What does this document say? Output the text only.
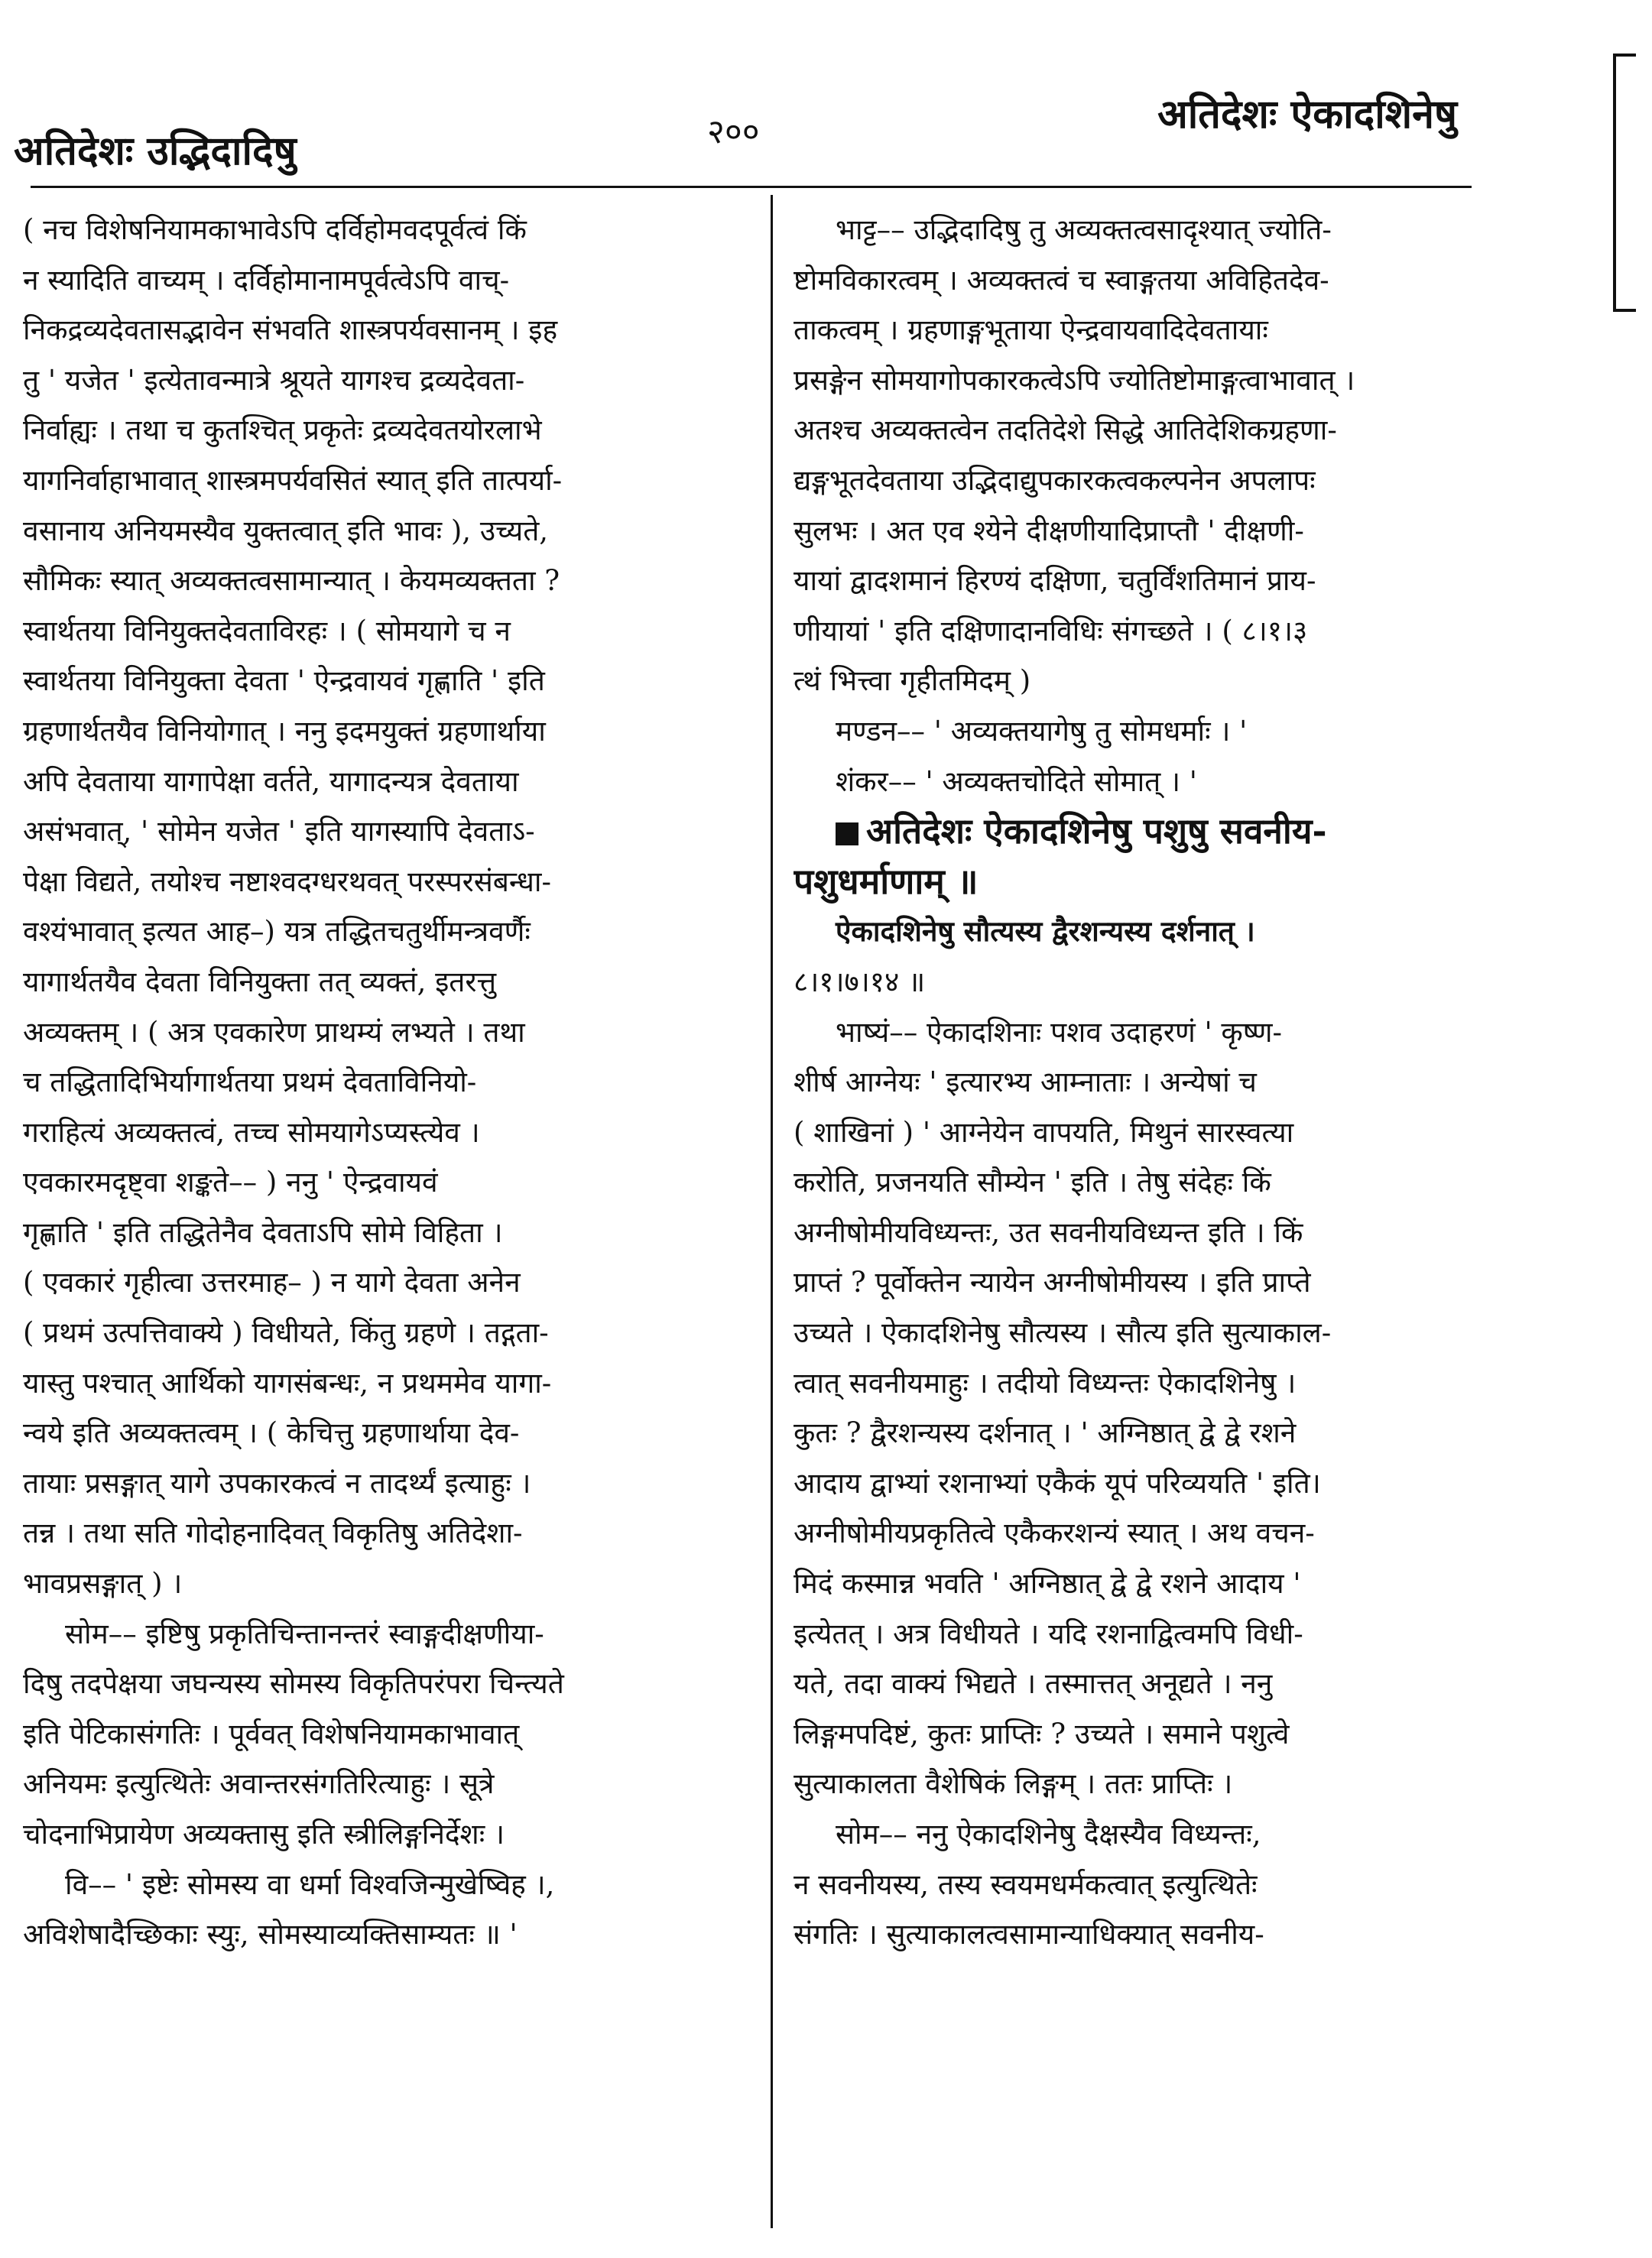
अतिदेशः उद्भिदादिषु	२००	अतिदेशः ऐकादशिनेषु
( नच विशेषनियामकाभावेऽपि दर्विहोमवदपूर्वत्वं किं
न स्यादिति वाच्यम् । दर्विहोमानामपूर्वत्वेऽपि वाच्-
निकद्रव्यदेवतासद्भावेन संभवति शास्त्रपर्यवसानम् । इह
तु ' यजेत ' इत्येतावन्मात्रे श्रूयते यागश्च द्रव्यदेवता-
निर्वाह्यः । तथा च कुतश्चित् प्रकृतेः द्रव्यदेवतयोरलाभे
यागनिर्वाहाभावात् शास्त्रमपर्यवसितं स्यात् इति तात्पर्या-
वसानाय अनियमस्यैव युक्तत्वात् इति भावः ), उच्यते,
सौमिकः स्यात् अव्यक्तत्वसामान्यात् । केयमव्यक्तता ?
स्वार्थतया विनियुक्तदेवताविरहः । ( सोमयागे च न
स्वार्थतया विनियुक्ता देवता ' ऐन्द्रवायवं गृह्णाति ' इति
ग्रहणार्थतयैव विनियोगात् । ननु इदमयुक्तं ग्रहणार्थाया
अपि देवताया यागापेक्षा वर्तते, यागादन्यत्र देवताया
असंभवात्, ' सोमेन यजेत ' इति यागस्यापि देवताऽ-
पेक्षा विद्यते, तयोश्च नष्टाश्वदग्धरथवत् परस्परसंबन्धा-
वश्यंभावात् इत्यत आह–) यत्र तद्धितचतुर्थीमन्त्रवर्णैः
यागार्थतयैव देवता विनियुक्ता तत् व्यक्तं, इतरत्तु
अव्यक्तम् । ( अत्र एवकारेण प्राथम्यं लभ्यते । तथा
च तद्धितादिभिर्यागार्थतया प्रथमं देवताविनियो-
गराहित्यं अव्यक्तत्वं, तच्च सोमयागेऽप्यस्त्येव ।
एवकारमदृष्ट्वा शङ्कते–– ) ननु ' ऐन्द्रवायवं
गृह्णाति ' इति तद्धितेनैव देवताऽपि सोमे विहिता ।
( एवकारं गृहीत्वा उत्तरमाह– ) न यागे देवता अनेन
( प्रथमं उत्पत्तिवाक्ये ) विधीयते, किंतु ग्रहणे । तद्गता-
यास्तु पश्चात् आर्थिको यागसंबन्धः, न प्रथममेव यागा-
न्वये इति अव्यक्तत्वम् । ( केचित्तु ग्रहणार्थाया देव-
तायाः प्रसङ्गात् यागे उपकारकत्वं न तादर्थ्यं इत्याहुः ।
तन्न । तथा सति गोदोहनादिवत् विकृतिषु अतिदेशा-
भावप्रसङ्गात् ) ।
सोम–– इष्टिषु प्रकृतिचिन्तानन्तरं स्वाङ्गदीक्षणीया-
दिषु तदपेक्षया जघन्यस्य सोमस्य विकृतिपरंपरा चिन्त्यते
इति पेटिकासंगतिः । पूर्ववत् विशेषनियामकाभावात्
अनियमः इत्युत्थितेः अवान्तरसंगतिरित्याहुः । सूत्रे
चोदनाभिप्रायेण अव्यक्तासु इति स्त्रीलिङ्गनिर्देशः ।
वि–– ' इष्टेः सोमस्य वा धर्मा विश्वजिन्मुखेष्विह ।,
अविशेषादैच्छिकाः स्युः, सोमस्याव्यक्तिसाम्यतः ॥ '
भाट्ट–– उद्भिदादिषु तु अव्यक्तत्वसादृश्यात् ज्योति-
ष्टोमविकारत्वम् । अव्यक्तत्वं च स्वाङ्गतया अविहितदेव-
ताकत्वम् । ग्रहणाङ्गभूताया ऐन्द्रवायवादिदेवतायाः
प्रसङ्गेन सोमयागोपकारकत्वेऽपि ज्योतिष्टोमाङ्गत्वाभावात् ।
अतश्च अव्यक्तत्वेन तदतिदेशे सिद्धे आतिदेशिकग्रहणा-
द्यङ्गभूतदेवताया उद्भिदाद्युपकारकत्वकल्पनेन अपलापः
सुलभः । अत एव श्येने दीक्षणीयादिप्राप्तौ ' दीक्षणी-
यायां द्वादशमानं हिरण्यं दक्षिणा, चतुर्विंशतिमानं प्राय-
णीयायां ' इति दक्षिणादानविधिः संगच्छते । ( ८।१।३
त्थं भित्त्वा गृहीतमिदम् )
मण्डन–– ' अव्यक्तयागेषु तु सोमधर्माः । '
शंकर–– ' अव्यक्तचोदिते सोमात् । '
अतिदेशः ऐकादशिनेषु पशुषु सवनीय-
पशुधर्माणाम् ॥
ऐकादशिनेषु सौत्यस्य द्वैरशन्यस्य दर्शनात् ।
८।१।७।१४ ॥
भाष्यं–– ऐकादशिनाः पशव उदाहरणं ' कृष्ण-
शीर्ष आग्नेयः ' इत्यारभ्य आम्नाताः । अन्येषां च
( शाखिनां ) ' आग्नेयेन वापयति, मिथुनं सारस्वत्या
करोति, प्रजनयति सौम्येन ' इति । तेषु संदेहः किं
अग्नीषोमीयविध्यन्तः, उत सवनीयविध्यन्त इति । किं
प्राप्तं ? पूर्वोक्तेन न्यायेन अग्नीषोमीयस्य । इति प्राप्ते
उच्यते । ऐकादशिनेषु सौत्यस्य । सौत्य इति सुत्याकाल-
त्वात् सवनीयमाहुः । तदीयो विध्यन्तः ऐकादशिनेषु ।
कुतः ? द्वैरशन्यस्य दर्शनात् । ' अग्निष्ठात् द्वे द्वे रशने
आदाय द्वाभ्यां रशनाभ्यां एकैकं यूपं परिव्ययति ' इति।
अग्नीषोमीयप्रकृतित्वे एकैकरशन्यं स्यात् । अथ वचन-
मिदं कस्मान्न भवति ' अग्निष्ठात् द्वे द्वे रशने आदाय '
इत्येतत् । अत्र विधीयते । यदि रशनाद्वित्वमपि विधी-
यते, तदा वाक्यं भिद्यते । तस्मात्तत् अनूद्यते । ननु
लिङ्गमपदिष्टं, कुतः प्राप्तिः ? उच्यते । समाने पशुत्वे
सुत्याकालता वैशेषिकं लिङ्गम् । ततः प्राप्तिः ।
सोम–– ननु ऐकादशिनेषु दैक्षस्यैव विध्यन्तः,
न सवनीयस्य, तस्य स्वयमधर्मकत्वात् इत्युत्थितेः
संगतिः । सुत्याकालत्वसामान्याधिक्यात् सवनीय-
